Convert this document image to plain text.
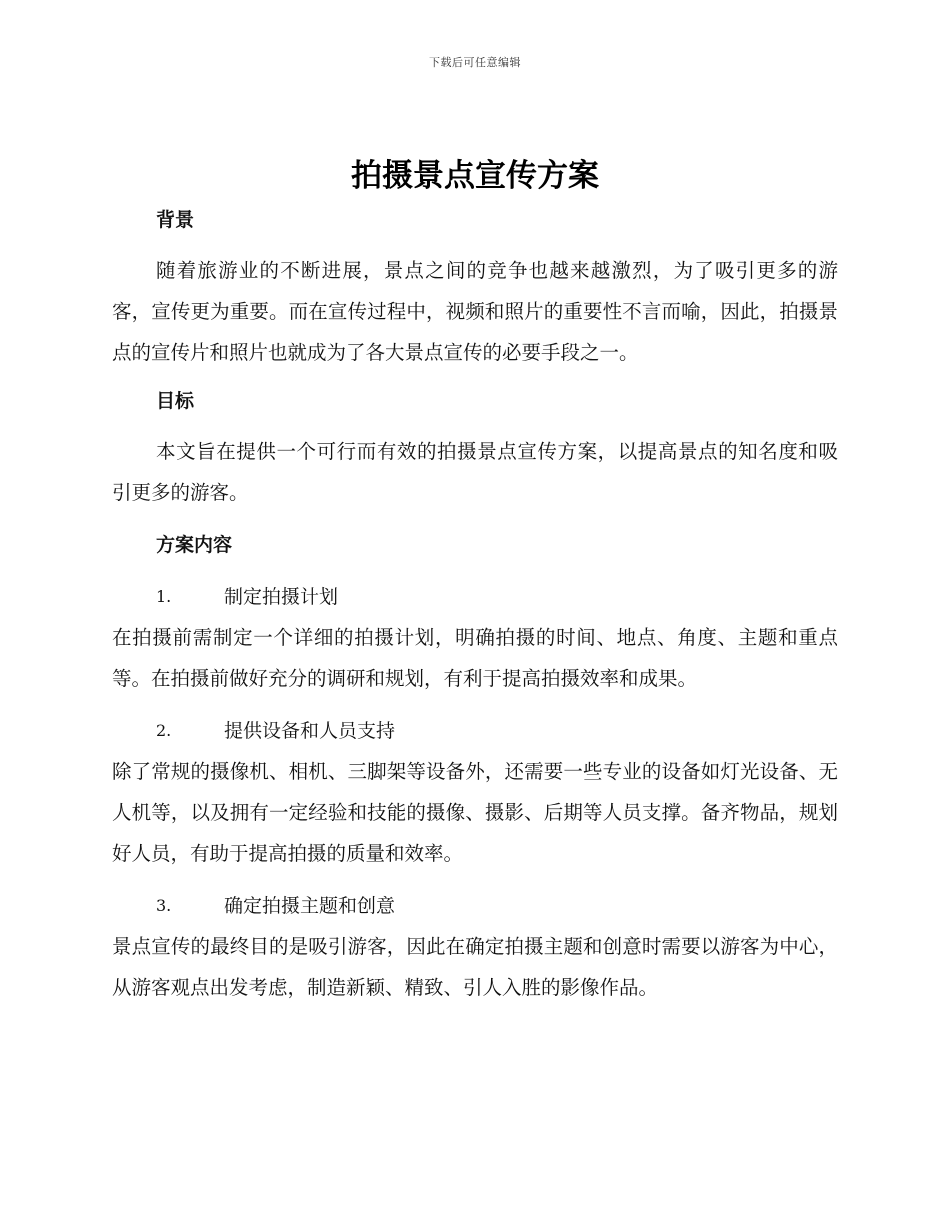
下载后可任意编辑
拍摄景点宣传方案
背景

随着旅游业的不断进展，景点之间的竞争也越来越激烈，为了吸引更多的游客，宣传更为重要。而在宣传过程中，视频和照片的重要性不言而喻，因此，拍摄景点的宣传片和照片也就成为了各大景点宣传的必要手段之一。

目标

本文旨在提供一个可行而有效的拍摄景点宣传方案，以提高景点的知名度和吸引更多的游客。

方案内容
1.	制定拍摄计划

在拍摄前需制定一个详细的拍摄计划，明确拍摄的时间、地点、角度、主题和重点等。在拍摄前做好充分的调研和规划，有利于提高拍摄效率和成果。

2.	提供设备和人员支持

除了常规的摄像机、相机、三脚架等设备外，还需要一些专业的设备如灯光设备、无人机等，以及拥有一定经验和技能的摄像、摄影、后期等人员支撑。备齐物品，规划好人员，有助于提高拍摄的质量和效率。

3.	确定拍摄主题和创意

景点宣传的最终目的是吸引游客，因此在确定拍摄主题和创意时需要以游客为中心，从游客观点出发考虑，制造新颖、精致、引人入胜的影像作品。
